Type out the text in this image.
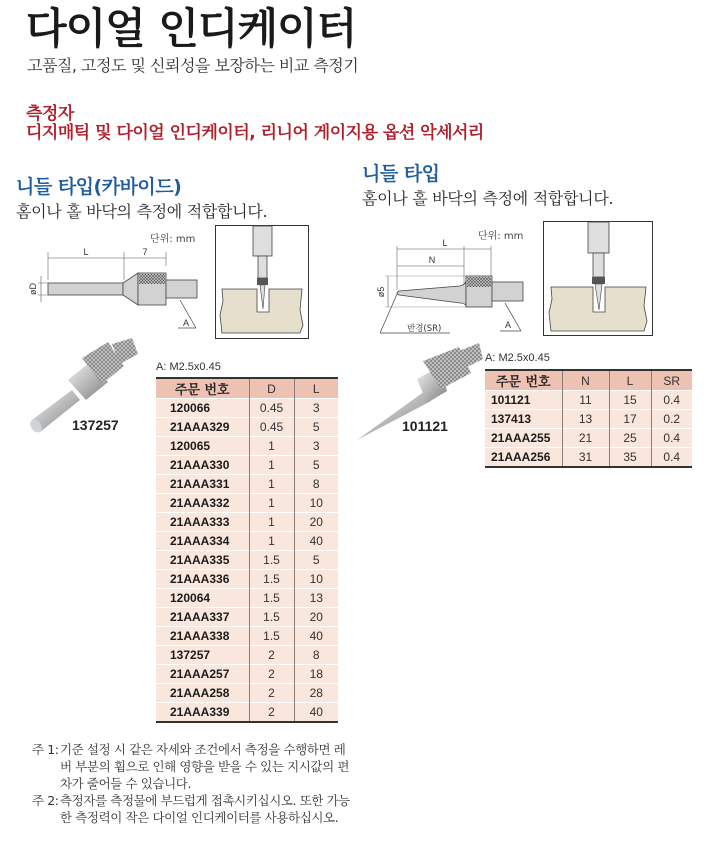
다이얼 인디케이터
고품질, 고정도 및 신뢰성을 보장하는 비교 측정기
측정자
디지매틱 및 다이얼 인디케이터, 리니어 게이지용 옵션 악세서리
니들 타입(카바이드)
홈이나 홀 바닥의 측정에 적합합니다.
단위: mm
L	7
øD
A
137257
A: M2.5x0.45
주문 번호	D	L
120066	0.45	3
21AAA329	0.45	5
120065	1	3
21AAA330	1	5
21AAA331	1	8
21AAA332	1	10
21AAA333	1	20
21AAA334	1	40
21AAA335	1.5	5
21AAA336	1.5	10
120064	1.5	13
21AAA337	1.5	20
21AAA338	1.5	40
137257	2	8
21AAA257	2	18
21AAA258	2	28
21AAA339	2	40
니들 타입
홈이나 홀 바닥의 측정에 적합합니다.
단위: mm
L
N
ø5
반경(SR)	A
101121
A: M2.5x0.45
주문 번호	N	L	SR
101121	11	15	0.4
137413	13	17	0.2
21AAA255	21	25	0.4
21AAA256	31	35	0.4
주 1: 기준 설정 시 같은 자세와 조건에서 측정을 수행하면 레버 부분의 휨으로 인해 영향을 받을 수 있는 지시값의 편차가 줄어들 수 있습니다.
주 2: 측정자를 측정물에 부드럽게 접촉시키십시오. 또한 가능한 측정력이 작은 다이얼 인디케이터를 사용하십시오.
